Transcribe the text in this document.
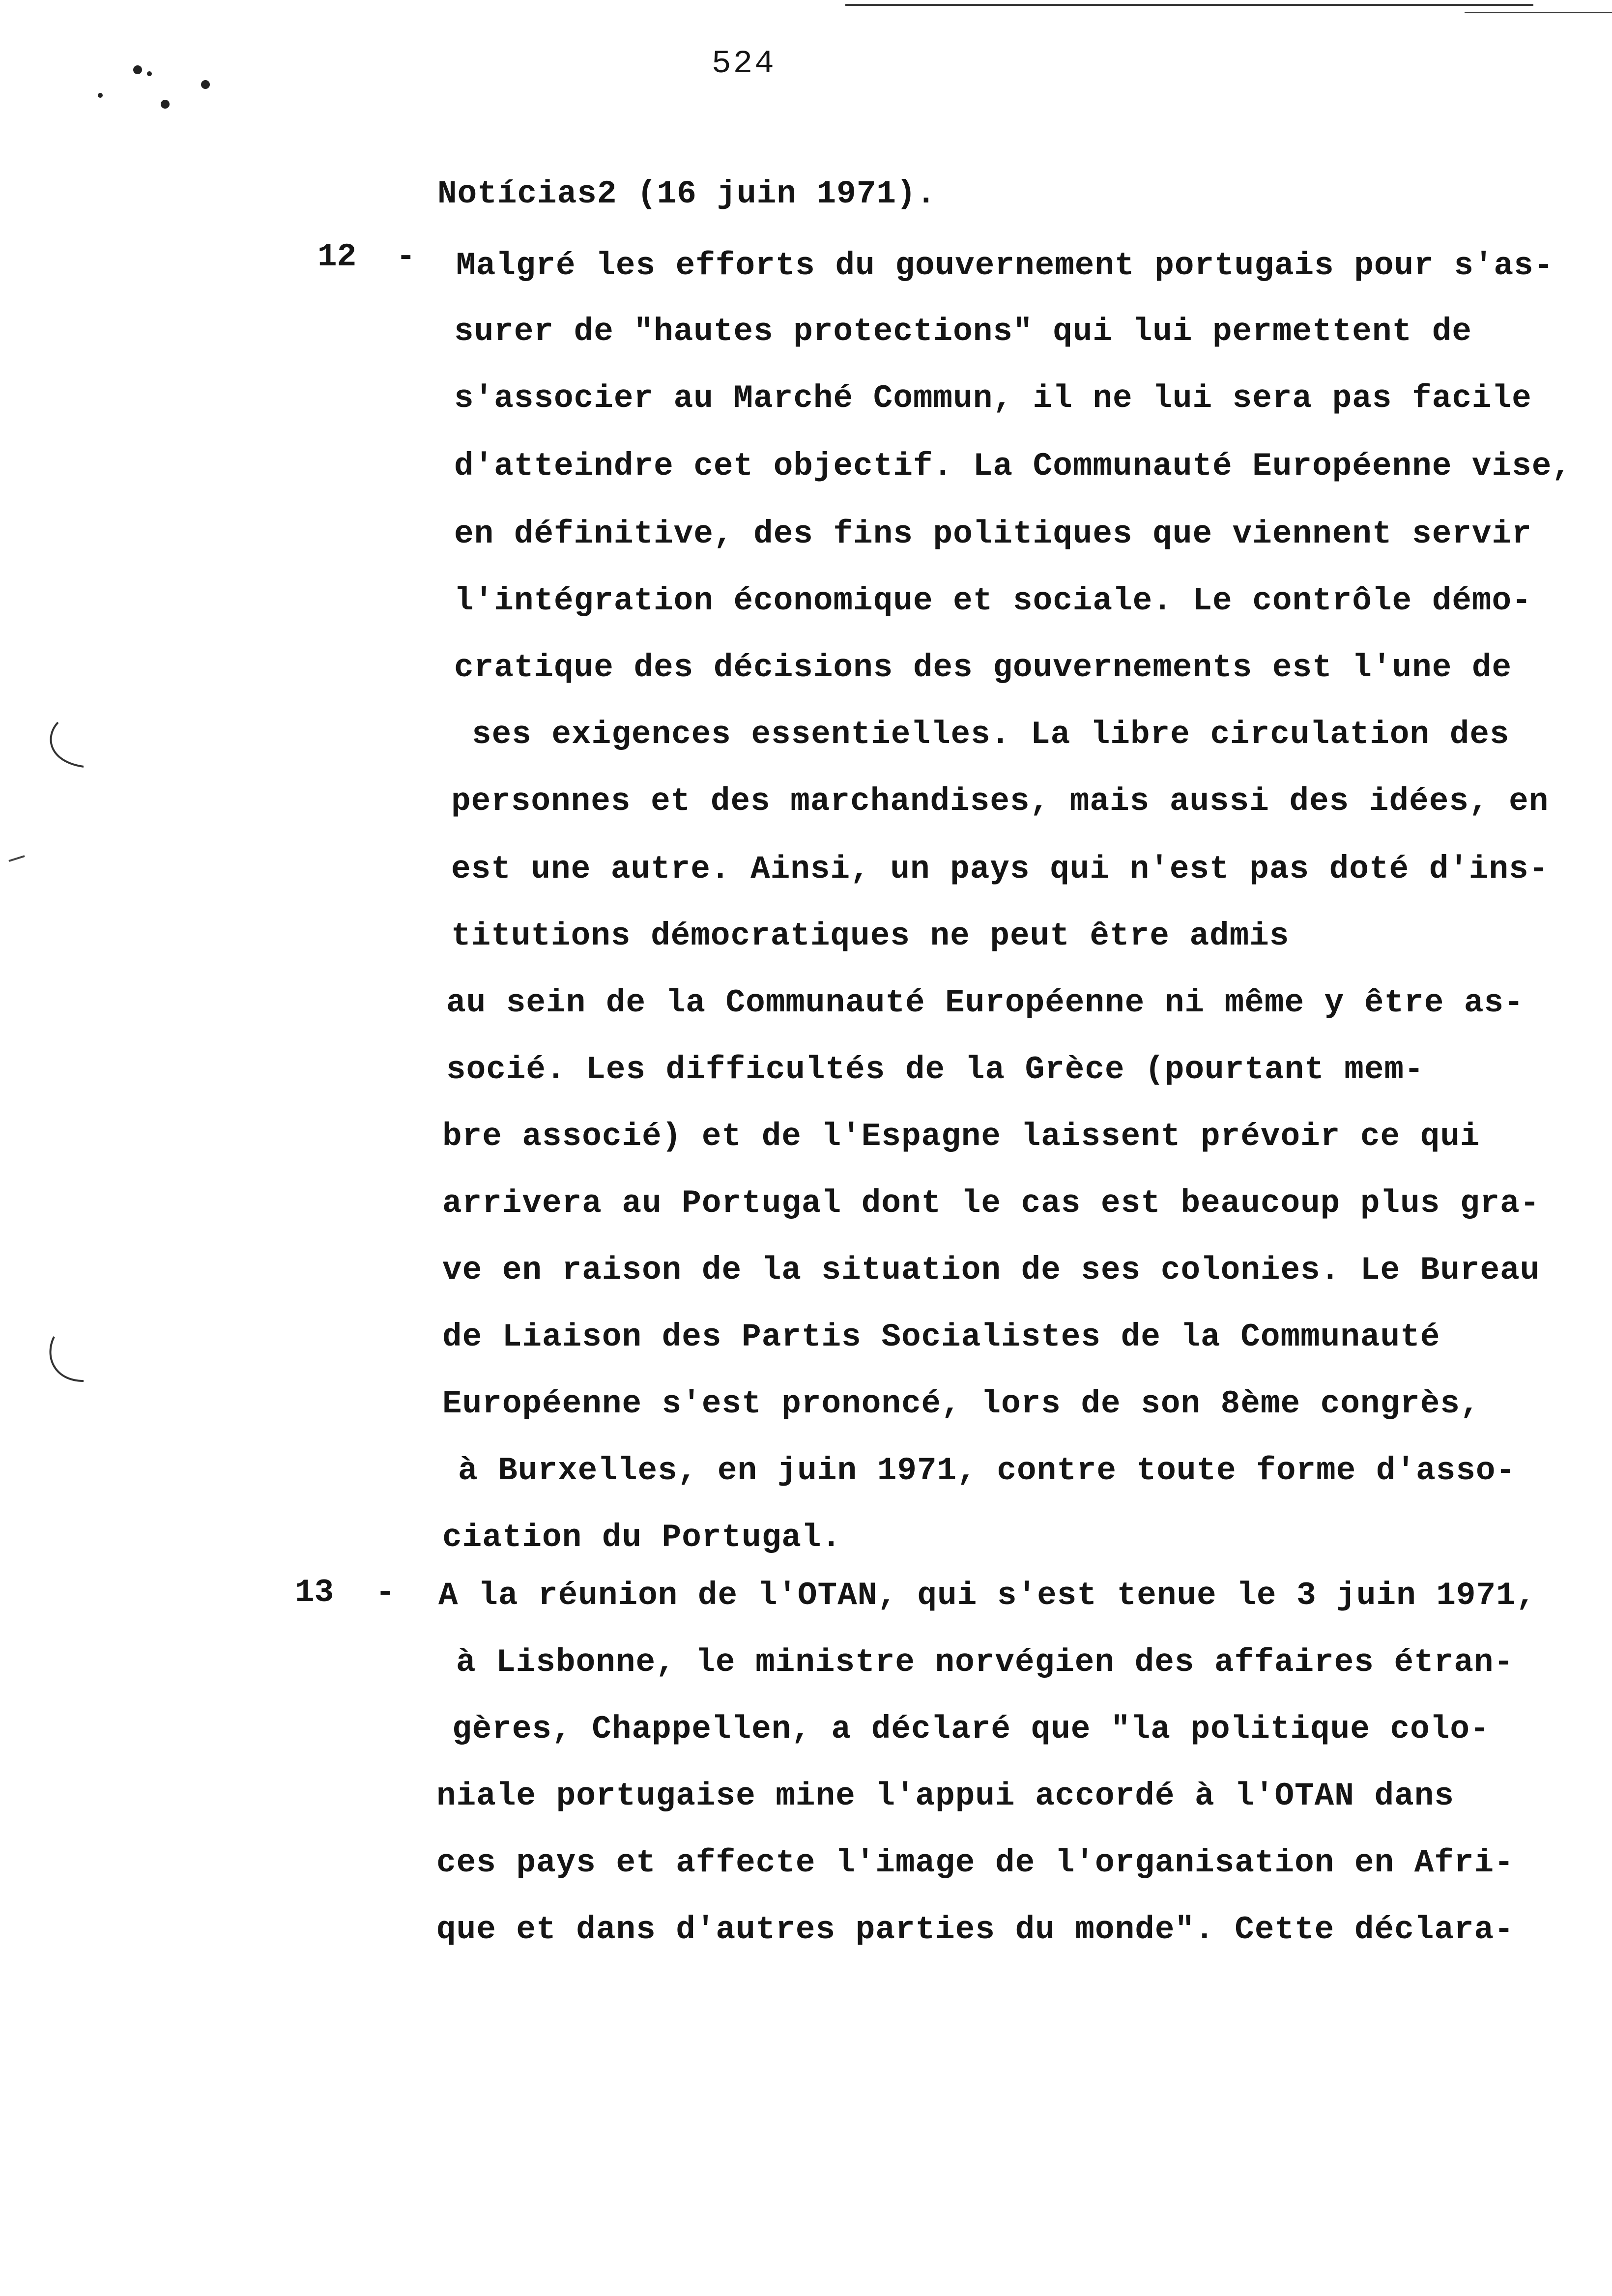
524
Notícias2 (16 juin 1971).
12 - Malgré les efforts du gouvernement portugais pour s'as-
surer de "hautes protections" qui lui permettent de
s'associer au Marché Commun, il ne lui sera pas facile
d'atteindre cet objectif. La Communauté Européenne vise,
en définitive, des fins politiques que viennent servir
l'intégration économique et sociale. Le contrôle démo-
cratique des décisions des gouvernements est l'une de
ses exigences essentielles. La libre circulation des
personnes et des marchandises, mais aussi des idées, en
est une autre. Ainsi, un pays qui n'est pas doté d'ins-
titutions démocratiques ne peut être admis
au sein de la Communauté Européenne ni même y être as-
socié. Les difficultés de la Grèce (pourtant mem-
bre associé) et de l'Espagne laissent prévoir ce qui
arrivera au Portugal dont le cas est beaucoup plus gra-
ve en raison de la situation de ses colonies. Le Bureau
de Liaison des Partis Socialistes de la Communauté
Européenne s'est prononcé, lors de son 8ème congrès,
à Burxelles, en juin 1971, contre toute forme d'asso-
ciation du Portugal.
13 - A la réunion de l'OTAN, qui s'est tenue le 3 juin 1971,
à Lisbonne, le ministre norvégien des affaires étran-
gères, Chappellen, a déclaré que "la politique colo-
niale portugaise mine l'appui accordé à l'OTAN dans
ces pays et affecte l'image de l'organisation en Afri-
que et dans d'autres parties du monde". Cette déclara-
